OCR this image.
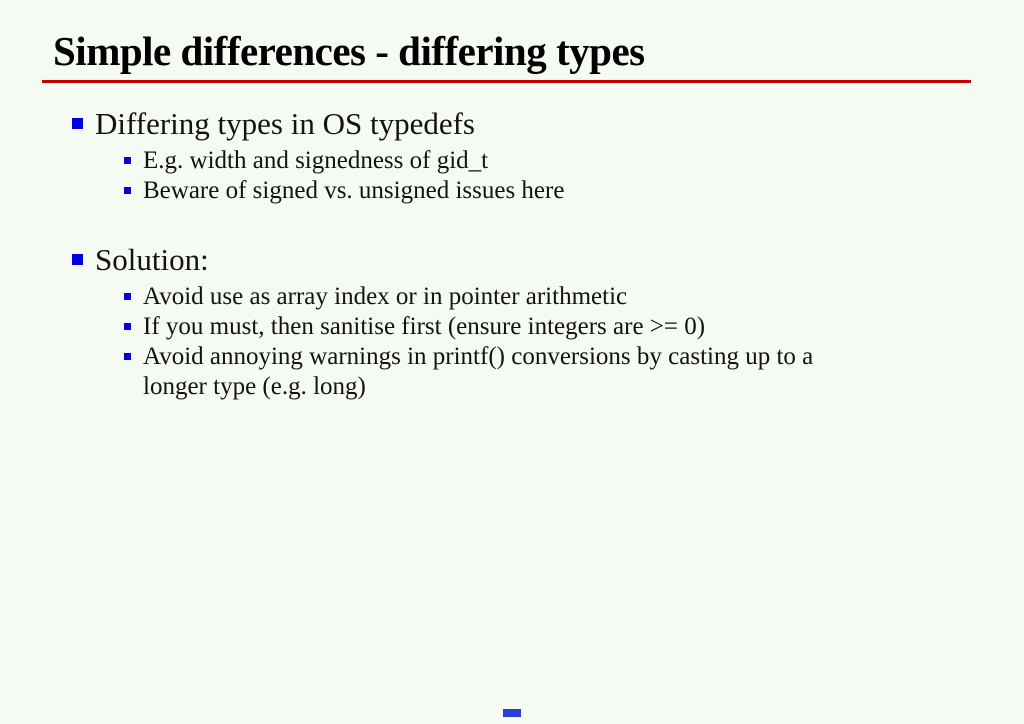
Simple differences - differing types
Differing types in OS typedefs
E.g. width and signedness of gid_t
Beware of signed vs. unsigned issues here
Solution:
Avoid use as array index or in pointer arithmetic
If you must, then sanitise first (ensure integers are >= 0)
Avoid annoying warnings in printf() conversions by casting up to a longer type (e.g. long)
